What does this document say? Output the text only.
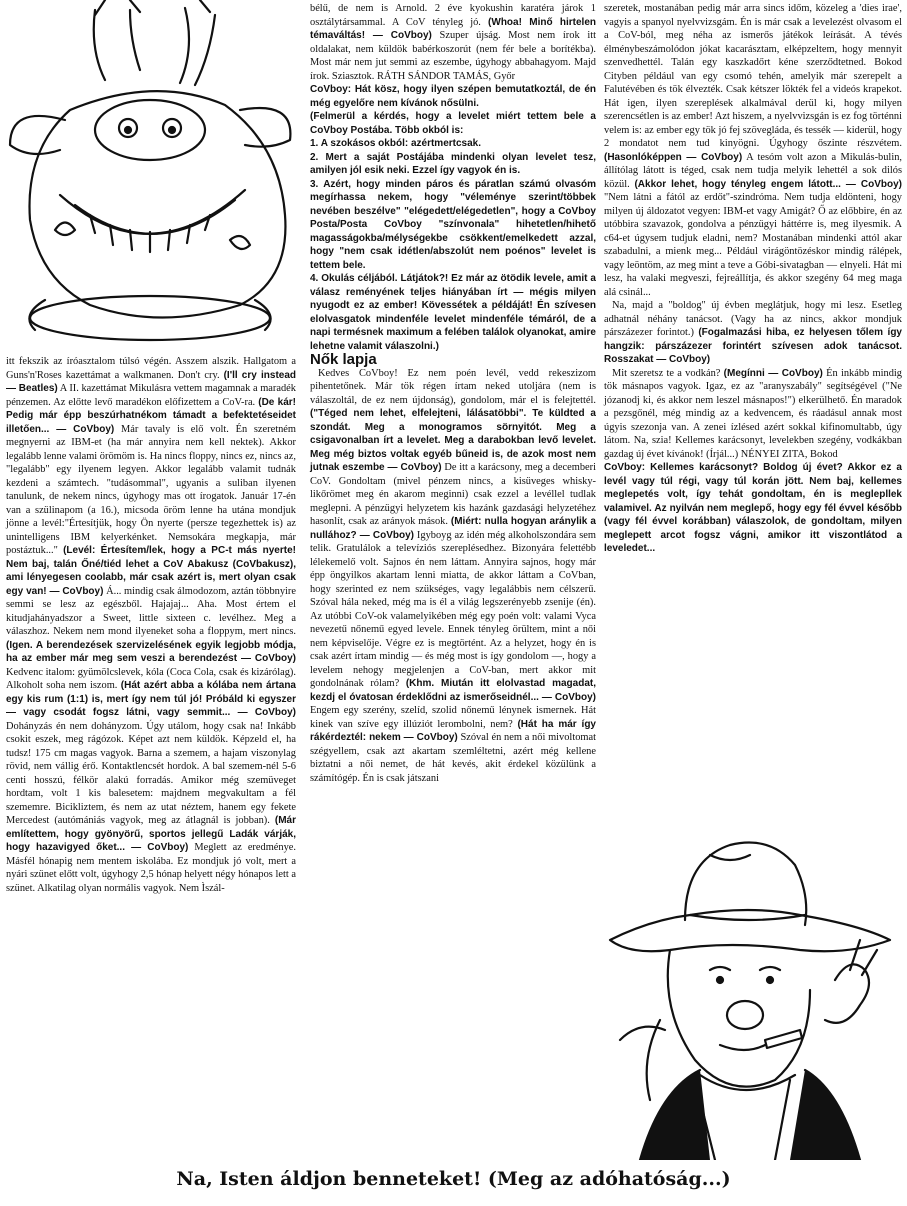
itt fekszik az íróasztalom túlsó végén. Asszem alszik. Hallgatom a Guns'n'Roses kazettámat a walkmanen. Don't cry. (I'll cry instead — Beatles) A II. kazettámat Mikulásra vettem magamnak a maradék pénzemen. Az előtte levő maradékon előfizettem a CoV-ra. (De kár! Pedig már épp beszúrhatnékom támadt a befektetéseidet illetően... — CoVboy) Már tavaly is elő volt. Én szeretném megnyerni az IBM-et (ha már annyira nem kell nektek). Akkor legalább lenne valami örömöm is. Ha nincs floppy, nincs ez, nincs az, "legalább" egy ilyenem legyen. Akkor legalább valamit tudnák kezdeni a számtech. "tudásommal", ugyanis a suliban ilyenen tanulunk, de nekem nincs, úgyhogy mas ott írogatok. Január 17-én van a szülinapom (a 16.), micsoda öröm lenne ha utána mondjuk jönne a levél:"Értesítjük, hogy Ön nyerte (persze tegezhettek is) az unintelligens IBM kelyerkénket. Nemsokára megkapja, már postáztuk..." (Levél: Értesítem/lek, hogy a PC-t más nyerte! Nem baj, talán Őné/tiéd lehet a CoV Abakusz (CoVbakusz), ami lényegesen coolabb, már csak azért is, mert olyan csak egy van! — CoVboy) Á... mindig csak álmodozom, aztán többnyire semmi se lesz az egészből. Hajajaj... Aha. Most értem el kitudjahányadszor a Sweet, little sixteen c. levélhez. Meg a válaszhoz. Nekem nem mond ilyeneket soha a floppym, mert nincs. (Igen. A berendezések szervizelésének egyik legjobb módja, ha az ember már meg sem veszi a berendezést — CoVboy) Kedvenc italom: gyümölcslevek, kóla (Coca Cola, csak és kizárólag). Alkoholt soha nem iszom. (Hát azért abba a kólába nem ártana egy kis rum (1:1) is, mert így nem túl jó! Próbáld ki egyszer — vagy csodát fogsz látni, vagy semmit... — CoVboy) Dohányzás én nem dohányzom. Úgy utálom, hogy csak na! Inkább csokit eszek, meg rágózok. Képet azt nem küldök. Képzeld el, ha tudsz! 175 cm magas vagyok. Barna a szemem, a hajam viszonylag rövid, nem vállig érő. Kontaktlencsét hordok. A bal szemem-nél 5-6 centi hosszú, félkör alakú forradás. Amikor még szemüveget hordtam, volt 1 kis balesetem: majdnem megvakultam a fél szememre. Bicikliztem, és nem az utat néztem, hanem egy fekete Mercedest (autómániás vagyok, meg az átlagnál is jobban). (Már említettem, hogy gyönyörű, sportos jellegű Ladák várják, hogy hazavigyed őket... — CoVboy) Meglett az eredménye. Másfél hónapig nem mentem iskolába. Ez mondjuk jó volt, mert a nyári szünet előtt volt, úgyhogy 2,5 hónap helyett négy hónapos lett a szünet. Alkatilag olyan normális vagyok. Nem Ìszál-

bélű, de nem is Arnold. 2 éve kyokushin karatéra járok 1 osztálytársammal. A CoV tényleg jó. (Whoa! Minő hirtelen témaváltás! — CoVboy) Szuper újság. Most nem írok itt oldalakat, nem küldök babérkoszorút (nem fér bele a borítékba). Most már nem jut semmi az eszembe, úgyhogy abbahagyom. Majd írok. Sziasztok. RÁTH SÁNDOR TAMÁS, Győr

CoVboy: Hát kösz, hogy ilyen szépen bemutatkoztál, de én még egyelőre nem kívánok nősülni.

(Felmerül a kérdés, hogy a levelet miért tettem bele a CoVboy Postába. Több okból is:

1. A szokásos okból: azértmertcsak.

2. Mert a saját Postájába mindenki olyan levelet tesz, amilyen jól esik neki. Ezzel így vagyok én is.

3. Azért, hogy minden páros és páratlan számú olvasóm megírhassa nekem, hogy "véleménye szerint/többek nevében beszélve" "elégedett/elégedetlen", hogy a CoVboy Posta/Posta CoVboy "színvonala" hihetetlen/hihető magasságokba/mélységekbe csökkent/emelkedett azzal, hogy "nem csak idétlen/abszolút nem poénos" levelet is tettem bele.

4. Okulás céljából. Látjátok?! Ez már az ötödik levele, amit a válasz reményének teljes hiányában írt — mégis milyen nyugodt ez az ember! Kövessétek a példáját! Én szívesen elolvasgatok mindenféle levelet mindenféle témáról, de a napi termésnek maximum a felében találok olyanokat, amire lehetne valamit válaszolni.)

Nők lapja

Kedves CoVboy! Ez nem poén levél, vedd rekeszizom pihentetőnek. Már tök régen írtam neked utoljára (nem is válaszoltál, de ez nem újdonság), gondolom, már el is felejtettél. ("Téged nem lehet, elfelejteni, lálásatöbbi". Te küldted a szondát. Meg a monogramos sörnyitót. Meg a csigavonalban írt a levelet. Meg a darabokban levő levelet. Meg még biztos voltak egyéb bűneid is, de azok most nem jutnak eszembe — CoVboy) De itt a karácsony, meg a decemberi CoV. Gondoltam (mivel pénzem nincs, a kisüveges whisky-likőrömet meg én akarom meginni) csak ezzel a levéllel tudlak meglepni. A pénzügyi helyzetem kis hazánk gazdasági helyzetéhez hasonlít, csak az arányok mások. (Miért: nulla hogyan aránylik a nullához? — CoVboy) Igyboyg az idén még alkoholszondára sem telik. Gratulálok a televíziós szereplésedhez. Bizonyára felettébb lélekemelő volt. Sajnos én nem láttam. Annyira sajnos, hogy már épp öngyilkos akartam lenni miatta, de akkor láttam a CoVban, hogy szerinted ez nem szükséges, vagy legalábbis nem célszerű. Szóval hála neked, még ma is él a világ legszerényebb zsenije (én). Az utóbbi CoV-ok valamelyikében még egy poén volt: valami Vyca nevezetű nőnemű egyed levele. Ennek tényleg örültem, mint a női nem képviselője. Végre ez is megtörtént. Az a helyzet, hogy én is csak azért írtam mindig — és még most is így gondolom —, hogy a levelem nehogy megjelenjen a CoV-ban, mert akkor mit gondolnának rólam? (Khm. Miután itt elolvastad magadat, kezdj el óvatosan érdeklődni az ismerőseidnél... — CoVboy) Engem egy szerény, szelíd, szolid nőnemű lénynek ismernek. Hát kinek van szíve egy illúziót lerombolni, nem? (Hát ha már így rákérdeztél: nekem — CoVboy) Szóval én nem a női mivoltomat szégyellem, csak azt akartam szemléltetni, azért még kellene biztatni a női nemet, de hát kevés, akit érdekel közülünk a számítógép. Én is csak játszani

szeretek, mostanában pedig már arra sincs időm, közeleg a 'dies irae', vagyis a spanyol nyelvvizsgám. Én is már csak a levelezést olvasom el a CoV-ból, meg néha az ismerős játékok leírását. A tévés élménybeszámolódon jókat kacarásztam, elképzeltem, hogy mennyit szenvedhettél. Talán egy kaszkadőrt kéne szerződtetned. Bokod Cityben például van egy csomó tehén, amelyik már szerepelt a Falutévében és tök élvezték. Csak kétszer lökték fel a videós krapekot. Hát igen, ilyen szereplések alkalmával derül ki, hogy milyen szerencsétlen is az ember! Azt hiszem, a nyelvvizsgán is ez fog történni velem is: az ember egy tök jó fej szövegláda, és tessék — kiderül, hogy 2 mondatot nem tud kinyögni. Úgyhogy őszinte részvétem. (Hasonlóképpen — CoVboy) A tesóm volt azon a Mikulás-bulin, állítólag látott is téged, csak nem tudja melyik lehettél a sok dilós közül. (Akkor lehet, hogy tényleg engem látott... — CoVboy) "Nem látni a fától az erdőt"-szindróma. Nem tudja eldönteni, hogy milyen új áldozatot vegyen: IBM-et vagy Amigát? Ő az előbbire, én az utóbbira szavazok, gondolva a pénzügyi háttérre is, meg ilyesmik. A c64-et úgysem tudjuk eladni, nem? Mostanában mindenki attól akar szabadulni, a mienk meg... Például virágöntözéskor mindig rálépek, vagy leöntöm, az meg mint a teve a Góbi-sivatagban — elnyeli. Hát mi lesz, ha valaki megveszi, fejreállítja, és akkor szegény 64 meg maga alá csinál...

Na, majd a "boldog" új évben meglátjuk, hogy mi lesz. Esetleg adhatnál néhány tanácsot. (Vagy ha az nincs, akkor mondjuk párszázezer forintot.) (Fogalmazási hiba, ez helyesen tőlem így hangzik: párszázezer forintért szívesen adok tanácsot. Rosszakat — CoVboy)

Mit szeretsz te a vodkán? (Megínni — CoVboy) Én inkább mindig tök másnapos vagyok. Igaz, ez az "aranyszabály" segítségével ("Ne józanodj ki, és akkor nem leszel másnapos!") elkerülhető. Én maradok a pezsgőnél, még mindig az a kedvencem, és ráadásul annak most úgyis szezonja van. A zenei ízlésed azért sokkal kifinomultabb, úgy látom. Na, szia! Kellemes karácsonyt, levelekben szegény, vodkákban gazdag új évet kívánok! (Írjál...) NÉNYEI ZITA, Bokod

CoVboy: Kellemes karácsonyt? Boldog új évet? Akkor ez a levél vagy túl régi, vagy túl korán jött. Nem baj, kellemes meglepetés volt, így tehát gondoltam, én is meglepllek valamivel. Az nyilván nem meglepő, hogy egy fél évvel később (vagy fél évvel korábban) válaszolok, de gondoltam, milyen meglepett arcot fogsz vágni, amikor itt viszontlátod a leveledet...

Na, Isten áldjon benneteket! (Meg az adóhatóság...)
